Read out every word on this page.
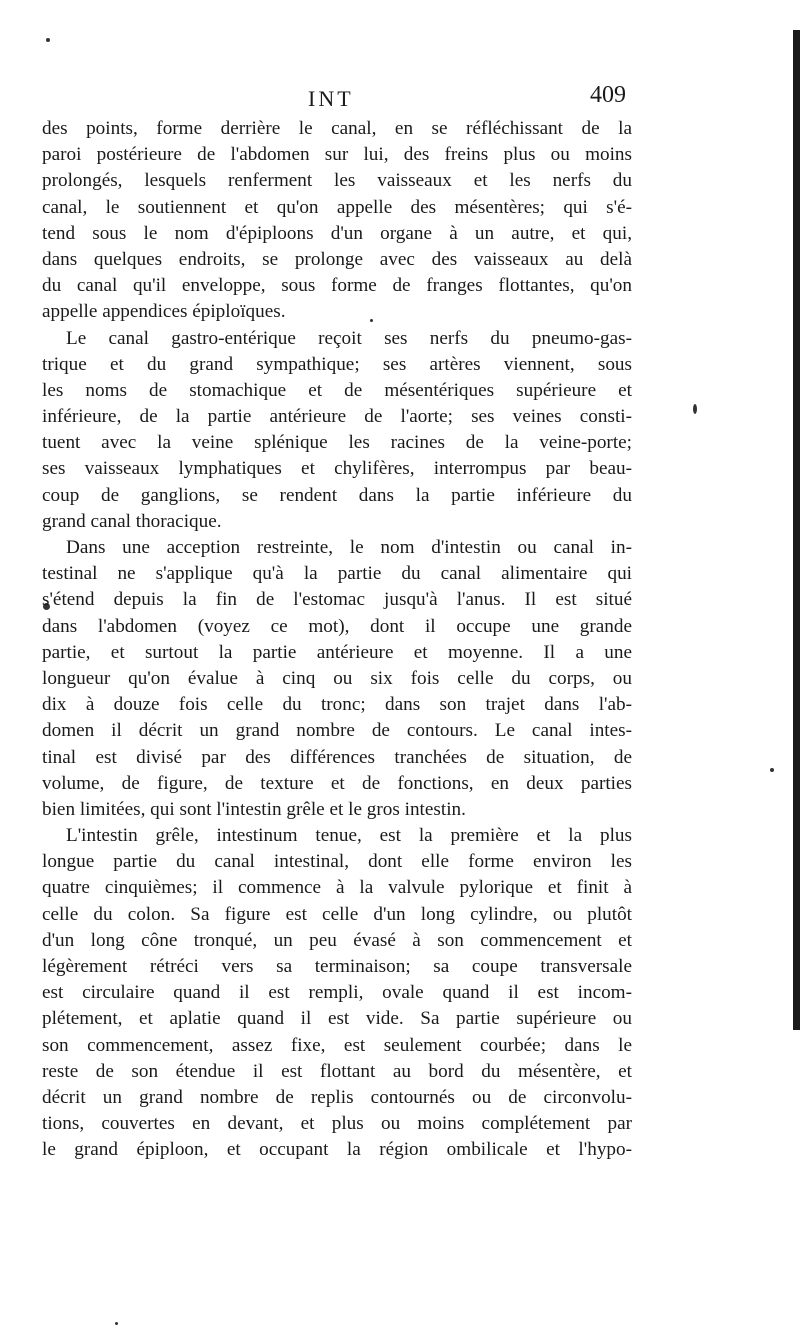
INT	409
des points, forme derrière le canal, en se réfléchissant de la
paroi postérieure de l'abdomen sur lui, des freins plus ou moins
prolongés, lesquels renferment les vaisseaux et les nerfs du
canal, le soutiennent et qu'on appelle des mésentères; qui s'é-
tend sous le nom d'épiploons d'un organe à un autre, et qui,
dans quelques endroits, se prolonge avec des vaisseaux au delà
du canal qu'il enveloppe, sous forme de franges flottantes, qu'on
appelle appendices épiploïques.
Le canal gastro-entérique reçoit ses nerfs du pneumo-gas-
trique et du grand sympathique; ses artères viennent, sous
les noms de stomachique et de mésentériques supérieure et
inférieure, de la partie antérieure de l'aorte; ses veines consti-
tuent avec la veine splénique les racines de la veine-porte;
ses vaisseaux lymphatiques et chylifères, interrompus par beau-
coup de ganglions, se rendent dans la partie inférieure du
grand canal thoracique.
Dans une acception restreinte, le nom d'intestin ou canal in-
testinal ne s'applique qu'à la partie du canal alimentaire qui
s'étend depuis la fin de l'estomac jusqu'à l'anus. Il est situé
dans l'abdomen (voyez ce mot), dont il occupe une grande
partie, et surtout la partie antérieure et moyenne. Il a une
longueur qu'on évalue à cinq ou six fois celle du corps, ou
dix à douze fois celle du tronc; dans son trajet dans l'ab-
domen il décrit un grand nombre de contours. Le canal intes-
tinal est divisé par des différences tranchées de situation, de
volume, de figure, de texture et de fonctions, en deux parties
bien limitées, qui sont l'intestin grêle et le gros intestin.
L'intestin grêle, intestinum tenue, est la première et la plus
longue partie du canal intestinal, dont elle forme environ les
quatre cinquièmes; il commence à la valvule pylorique et finit à
celle du colon. Sa figure est celle d'un long cylindre, ou plutôt
d'un long cône tronqué, un peu évasé à son commencement et
légèrement rétréci vers sa terminaison; sa coupe transversale
est circulaire quand il est rempli, ovale quand il est incom-
plétement, et aplatie quand il est vide. Sa partie supérieure ou
son commencement, assez fixe, est seulement courbée; dans le
reste de son étendue il est flottant au bord du mésentère, et
décrit un grand nombre de replis contournés ou de circonvolu-
tions, couvertes en devant, et plus ou moins complétement par
le grand épiploon, et occupant la région ombilicale et l'hypo-
